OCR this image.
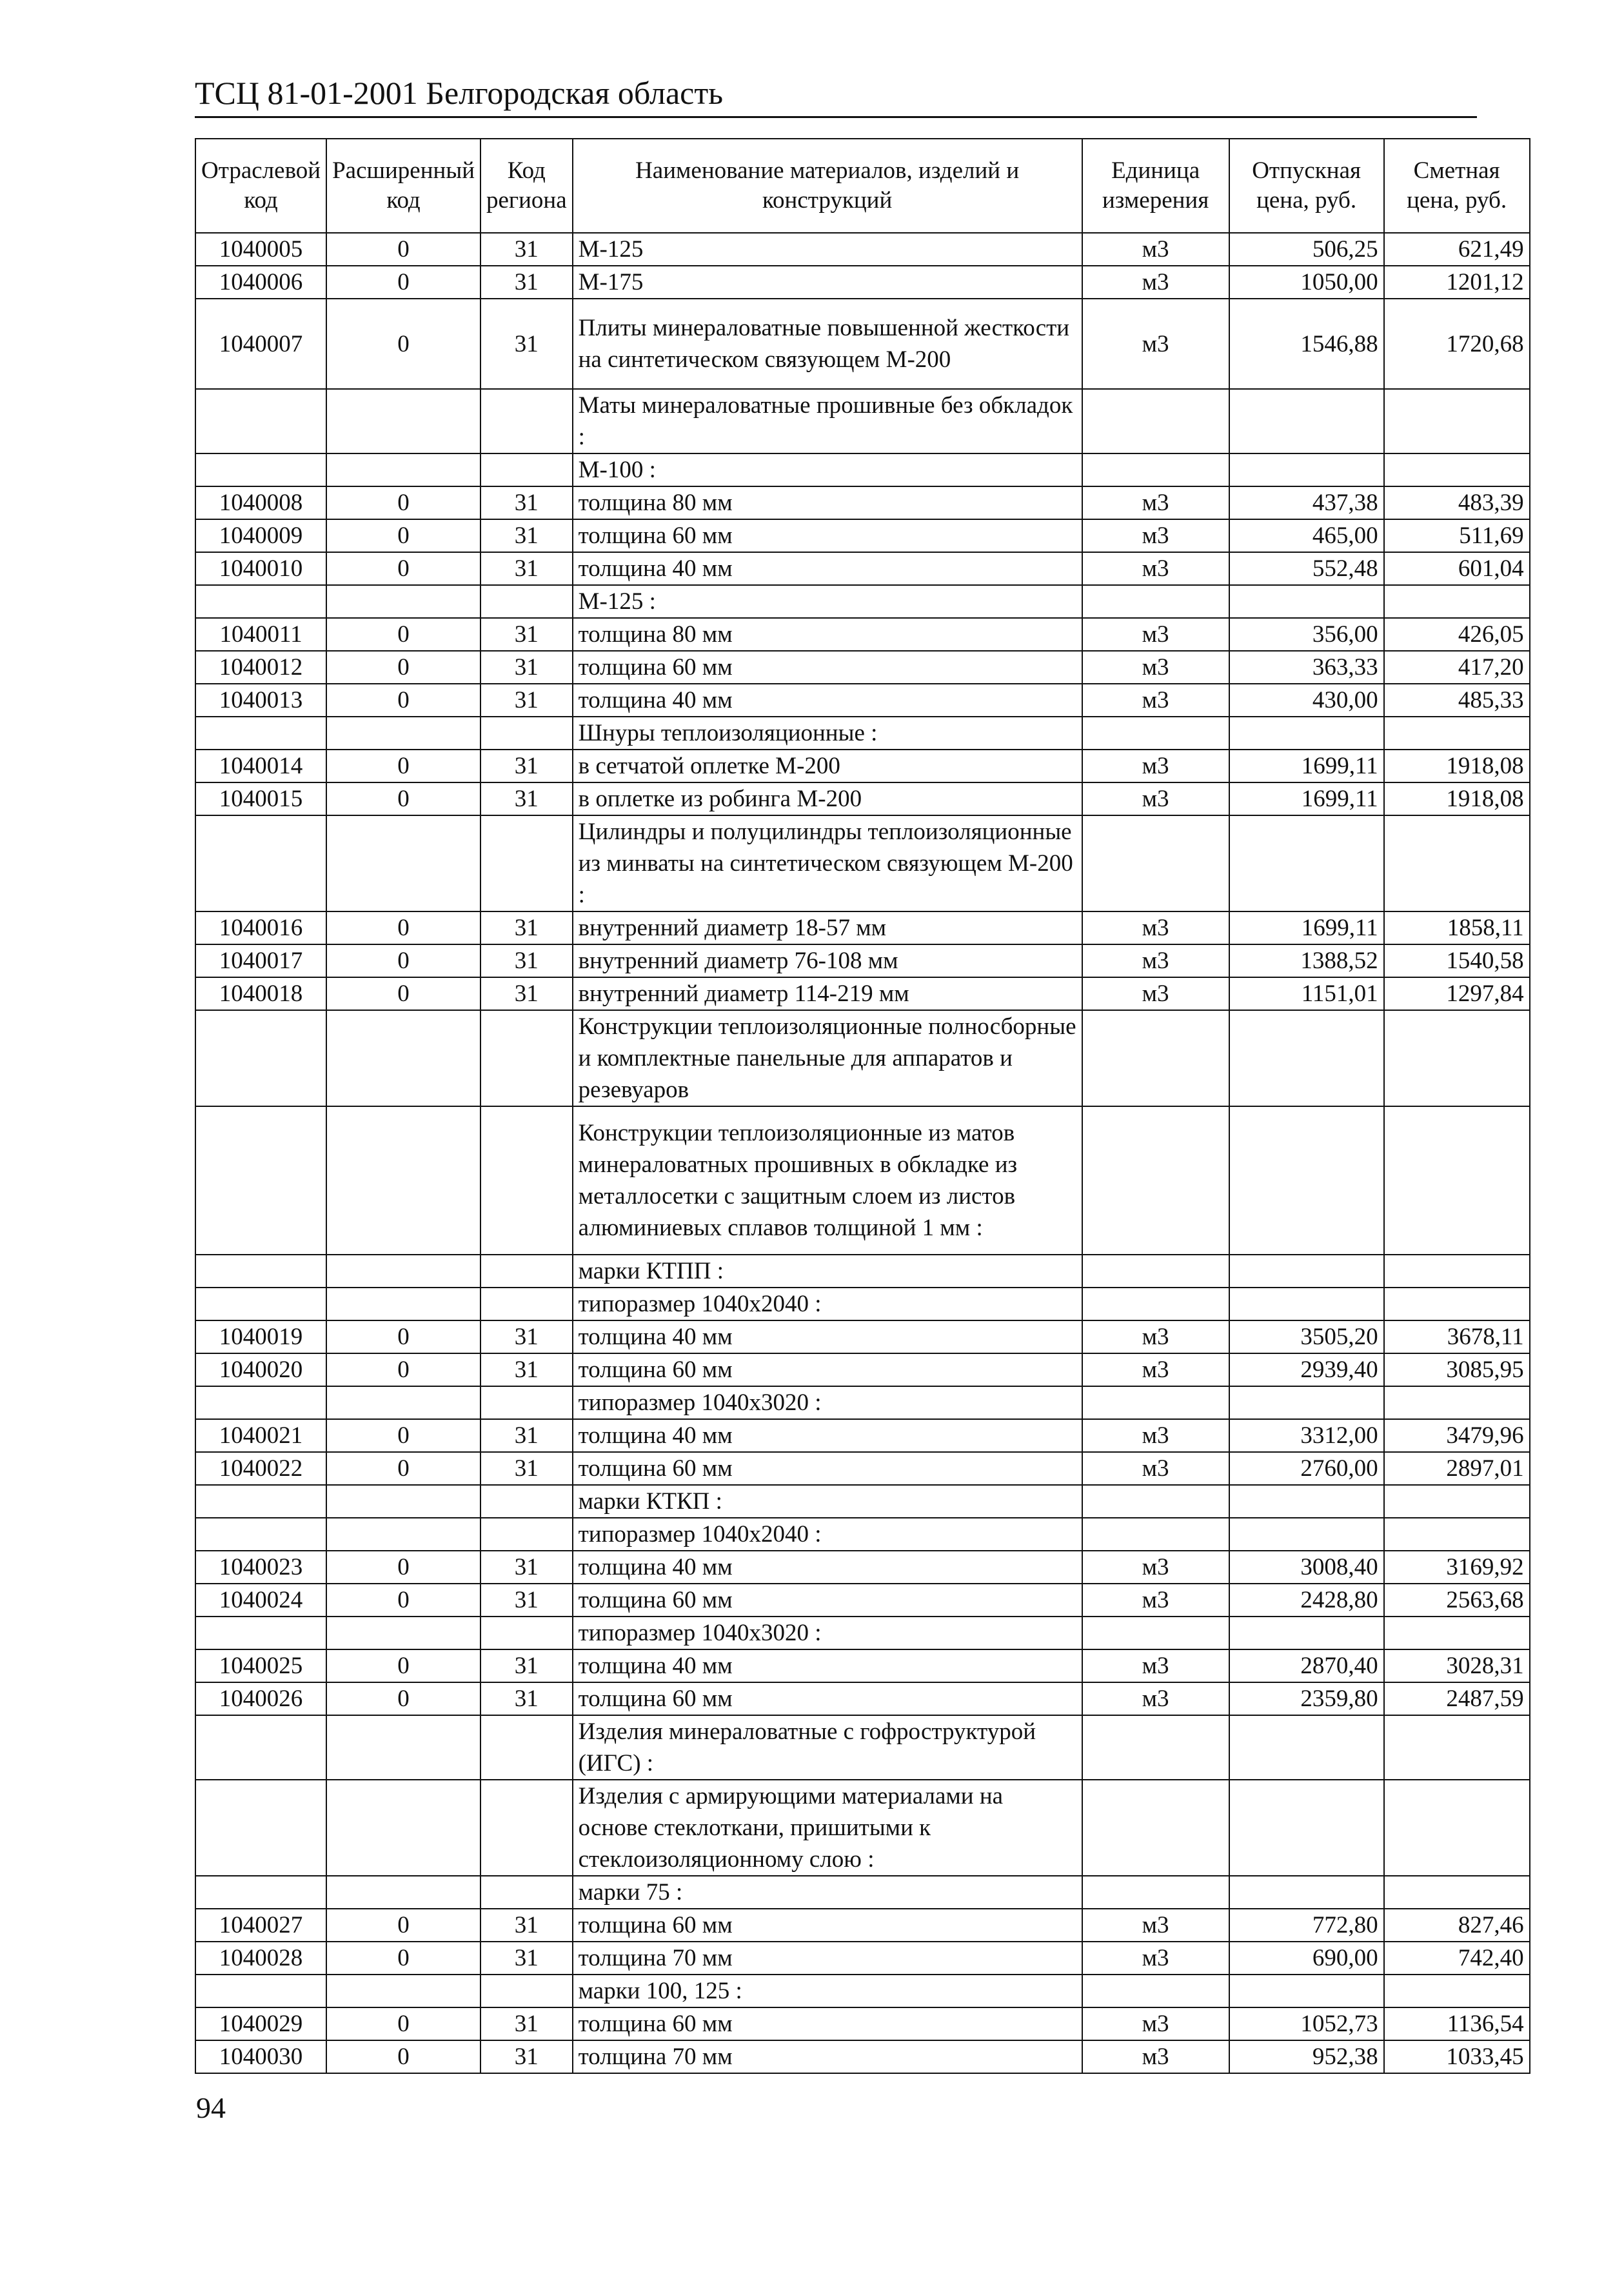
ТСЦ 81-01-2001 Белгородская область
Отраслевой код	Расширенный код	Код региона	Наименование материалов, изделий и конструкций	Единица измерения	Отпускная цена, руб.	Сметная цена, руб.
1040005	0	31	М-125	м3	506,25	621,49
1040006	0	31	М-175	м3	1050,00	1201,12
1040007	0	31	Плиты минераловатные повышенной жесткости на синтетическом связующем М-200	м3	1546,88	1720,68
			Маты минераловатные прошивные без обкладок :			
			М-100 :			
1040008	0	31	толщина 80 мм	м3	437,38	483,39
1040009	0	31	толщина 60 мм	м3	465,00	511,69
1040010	0	31	толщина 40 мм	м3	552,48	601,04
			М-125 :			
1040011	0	31	толщина 80 мм	м3	356,00	426,05
1040012	0	31	толщина 60 мм	м3	363,33	417,20
1040013	0	31	толщина 40 мм	м3	430,00	485,33
			Шнуры теплоизоляционные :			
1040014	0	31	в сетчатой оплетке М-200	м3	1699,11	1918,08
1040015	0	31	в оплетке из робинга М-200	м3	1699,11	1918,08
			Цилиндры и полуцилиндры теплоизоляционные из минваты на синтетическом связующем М-200 :			
1040016	0	31	внутренний диаметр 18-57 мм	м3	1699,11	1858,11
1040017	0	31	внутренний диаметр 76-108 мм	м3	1388,52	1540,58
1040018	0	31	внутренний диаметр 114-219 мм	м3	1151,01	1297,84
			Конструкции теплоизоляционные полносборные и комплектные панельные для аппаратов и резевуаров			
			Конструкции теплоизоляционные из матов минераловатных прошивных в обкладке из металлосетки с защитным слоем из листов алюминиевых сплавов толщиной 1 мм :			
			марки КТПП :			
			типоразмер 1040х2040 :			
1040019	0	31	толщина 40 мм	м3	3505,20	3678,11
1040020	0	31	толщина 60 мм	м3	2939,40	3085,95
			типоразмер 1040х3020 :			
1040021	0	31	толщина 40 мм	м3	3312,00	3479,96
1040022	0	31	толщина 60 мм	м3	2760,00	2897,01
			марки КТКП :			
			типоразмер 1040х2040 :			
1040023	0	31	толщина 40 мм	м3	3008,40	3169,92
1040024	0	31	толщина 60 мм	м3	2428,80	2563,68
			типоразмер 1040х3020 :			
1040025	0	31	толщина 40 мм	м3	2870,40	3028,31
1040026	0	31	толщина 60 мм	м3	2359,80	2487,59
			Изделия минераловатные с гофроструктурой (ИГС) :			
			Изделия с армирующими материалами на основе стеклоткани, пришитыми к стеклоизоляционному слою :			
			марки 75 :			
1040027	0	31	толщина 60 мм	м3	772,80	827,46
1040028	0	31	толщина 70 мм	м3	690,00	742,40
			марки 100, 125 :			
1040029	0	31	толщина 60 мм	м3	1052,73	1136,54
1040030	0	31	толщина 70 мм	м3	952,38	1033,45
94
